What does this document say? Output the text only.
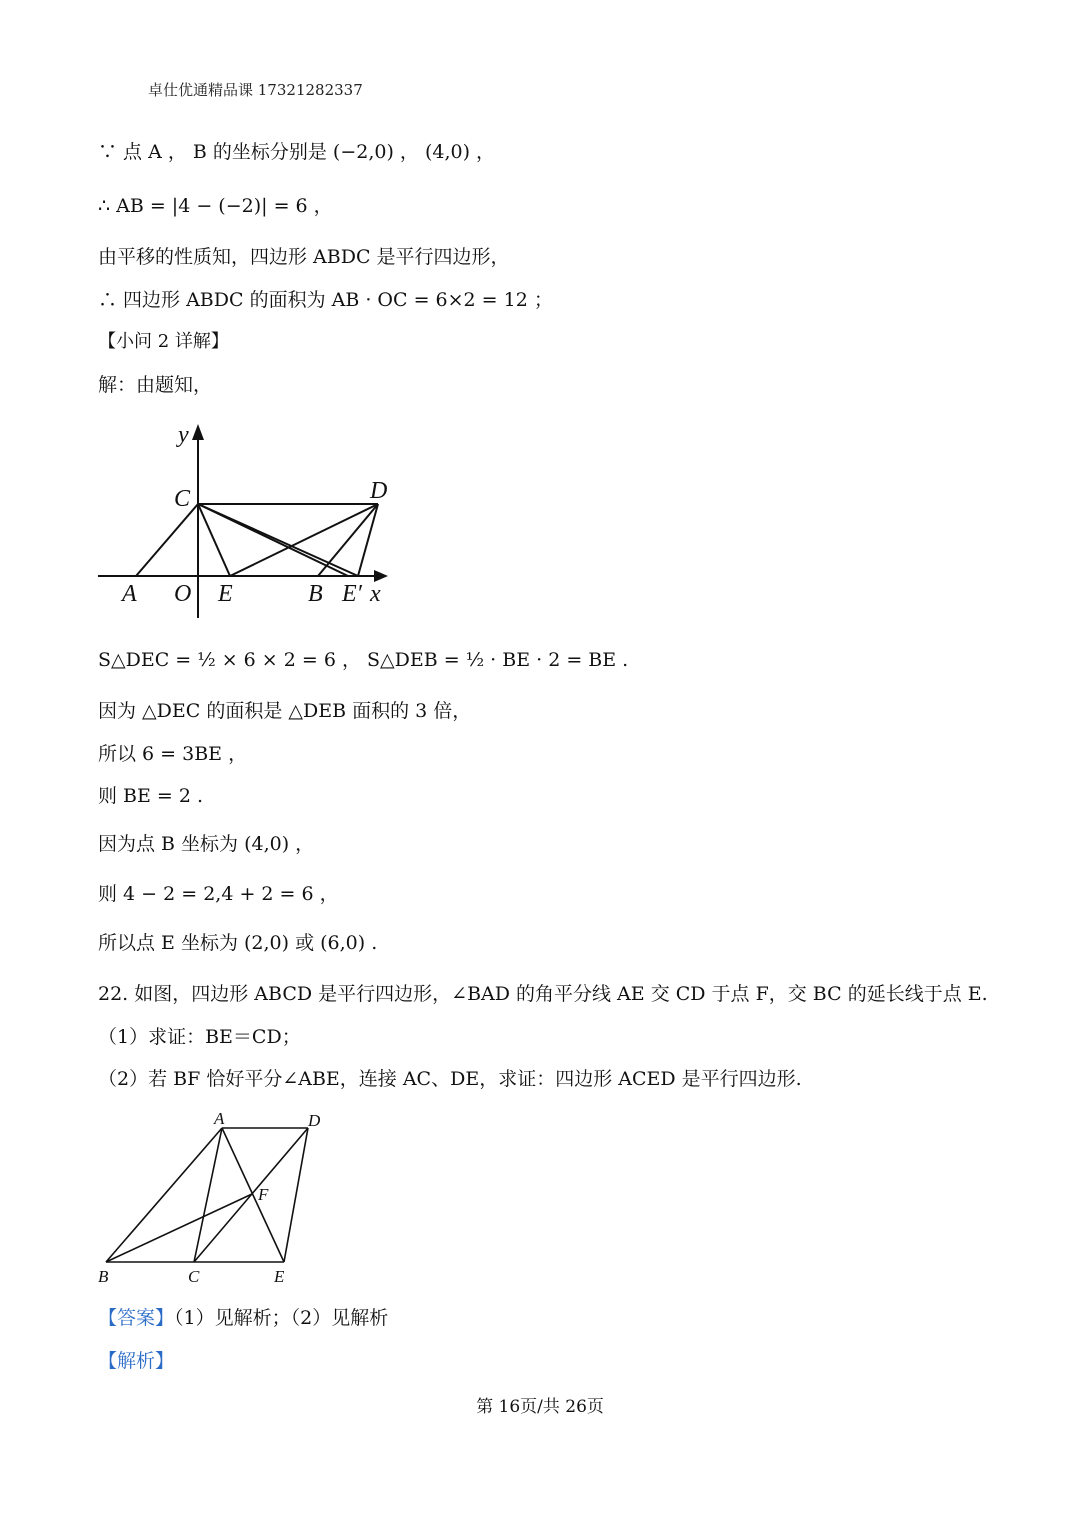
卓仕优通精品课 17321282337
∵ 点 A ， B 的坐标分别是 (−2,0) ， (4,0) ，
∴ AB = |4 − (−2)| = 6 ，
由平移的性质知，四边形 ABDC 是平行四边形，
∴ 四边形 ABDC 的面积为 AB · OC = 6×2 = 12 ；
【小问 2 详解】
解：由题知，
y
C	D
A O E	B E′ x
S△DEC = ½ × 6 × 2 = 6 ， S△DEB = ½ · BE · 2 = BE .
因为 △DEC 的面积是 △DEB 面积的 3 倍，
所以 6 = 3BE ，
则 BE = 2 .
因为点 B 坐标为 (4,0) ，
则 4 − 2 = 2,4 + 2 = 6 ，
所以点 E 坐标为 (2,0) 或 (6,0) .
22. 如图，四边形 ABCD 是平行四边形，∠BAD 的角平分线 AE 交 CD 于点 F，交 BC 的延长线于点 E.
（1）求证：BE＝CD；
（2）若 BF 恰好平分∠ABE，连接 AC、DE，求证：四边形 ACED 是平行四边形.
A	D
F
B	C	E
【答案】（1）见解析；（2）见解析
【解析】
第 16页/共 26页
